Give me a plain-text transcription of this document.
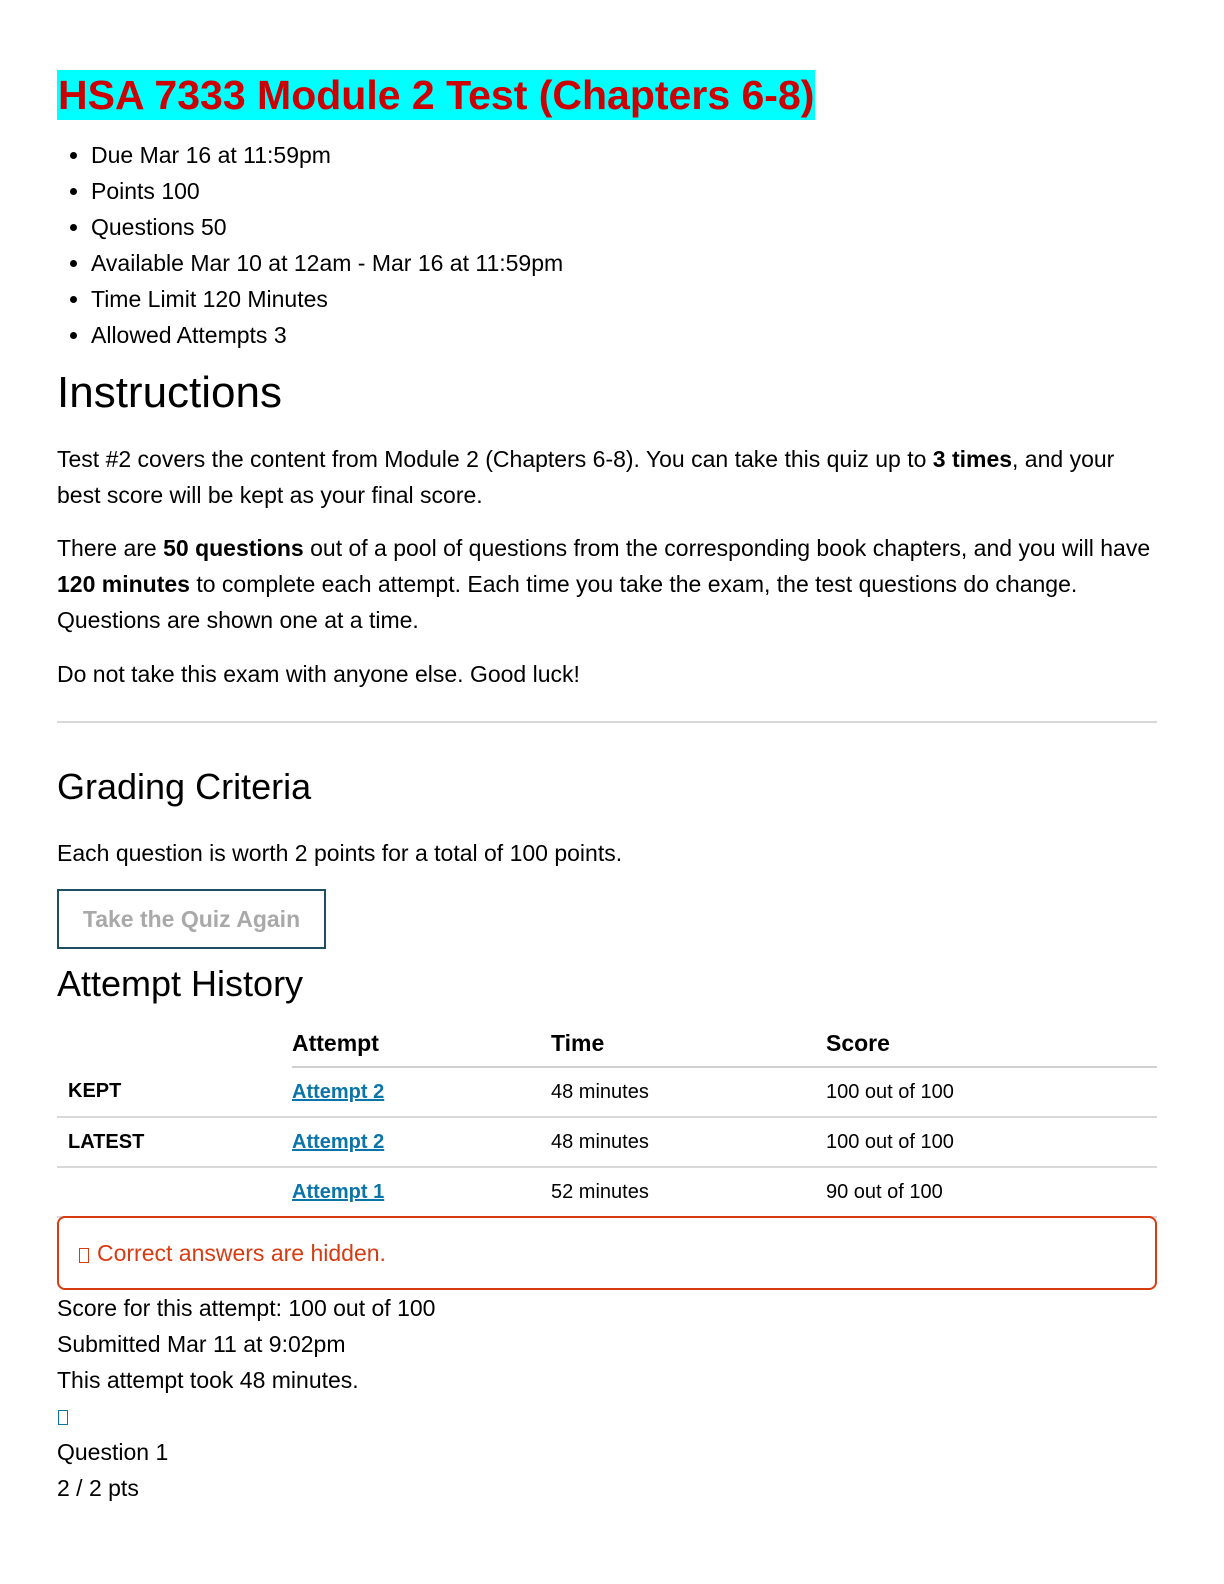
HSA 7333 Module 2 Test (Chapters 6-8)
Due Mar 16 at 11:59pm
Points 100
Questions 50
Available Mar 10 at 12am - Mar 16 at 11:59pm
Time Limit 120 Minutes
Allowed Attempts 3
Instructions

Test #2 covers the content from Module 2 (Chapters 6-8). You can take this quiz up to 3 times, and your best score will be kept as your final score.

There are 50 questions out of a pool of questions from the corresponding book chapters, and you will have 120 minutes to complete each attempt. Each time you take the exam, the test questions do change. Questions are shown one at a time.

Do not take this exam with anyone else. Good luck!

Grading Criteria

Each question is worth 2 points for a total of 100 points.

Take the Quiz Again
Attempt History
	Attempt	Time	Score
KEPT	Attempt 2	48 minutes	100 out of 100
LATEST	Attempt 2	48 minutes	100 out of 100
	Attempt 1	52 minutes	90 out of 100
Correct answers are hidden.
Score for this attempt: 100 out of 100
Submitted Mar 11 at 9:02pm
This attempt took 48 minutes.
Question 1
2 / 2 pts
